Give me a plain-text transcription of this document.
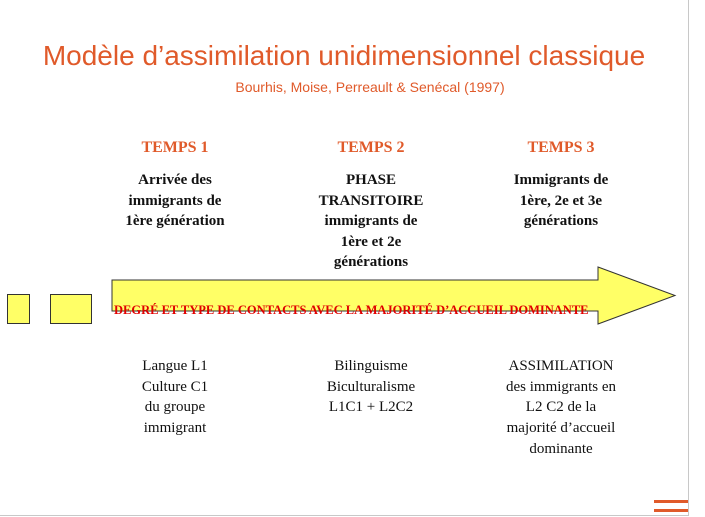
Modèle d’assimilation unidimensionnel classique
Bourhis, Moise, Perreault & Senécal (1997)
TEMPS 1	TEMPS 2	TEMPS 3
Arrivée des
immigrants de
1ère génération
PHASE
TRANSITOIRE
immigrants de
1ère et 2e
générations
Immigrants de
1ère, 2e et 3e
générations
DEGRÉ ET TYPE DE CONTACTS AVEC LA MAJORITÉ D’ACCUEIL DOMINANTE
Langue L1
Culture C1
du groupe
immigrant
Bilinguisme
Biculturalisme
L1C1 + L2C2
ASSIMILATION
des immigrants en
L2 C2 de la
majorité d’accueil
dominante
